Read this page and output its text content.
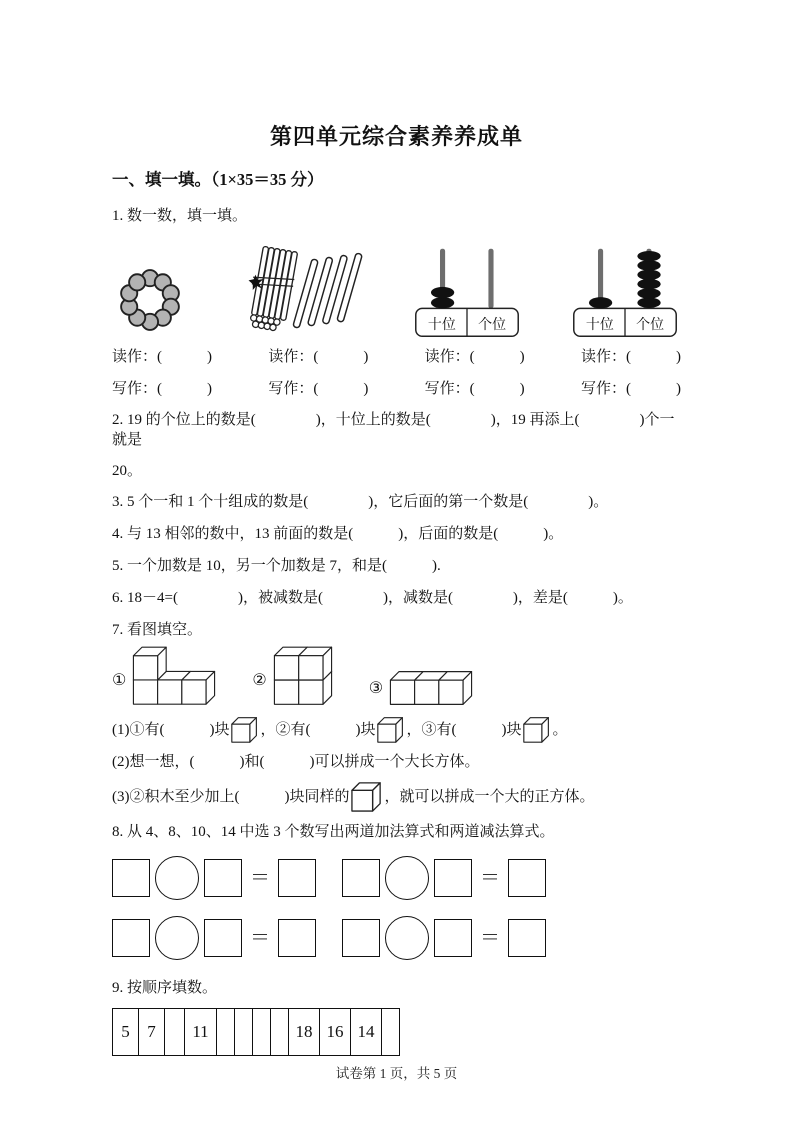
第四单元综合素养养成单
一、填一填。（1×35＝35 分）
1. 数一数，填一填。
十位 个位	十位 个位
读作：(　　　)	读作：(　　　)	读作：(　　　)	读作：(　　　)
写作：(　　　)	写作：(　　　)	写作：(　　　)	写作：(　　　)
2. 19 的个位上的数是(　　　　)，十位上的数是(　　　　)，19 再添上(　　　　)个一就是
20。
3. 5 个一和 1 个十组成的数是(　　　　)，它后面的第一个数是(　　　　)。
4. 与 13 相邻的数中，13 前面的数是(　　　)，后面的数是(　　　)。
5. 一个加数是 10，另一个加数是 7，和是(　　　).
6. 18－4=(　　　　)，被减数是(　　　　)，减数是(　　　　)，差是(　　　)。
7. 看图填空。
①	②	③
(1)①有(　　　)块 ，②有(　　　)块 ，③有(　　　)块 。
(2)想一想，(　　　)和(　　　)可以拼成一个大长方体。
(3)②积木至少加上(　　　)块同样的 ，就可以拼成一个大的正方体。
8. 从 4、8、10、14 中选 3 个数写出两道加法算式和两道减法算式。
＝	＝
＝	＝
9. 按顺序填数。
5	7	11	18 16 14
试卷第 1 页，共 5 页
